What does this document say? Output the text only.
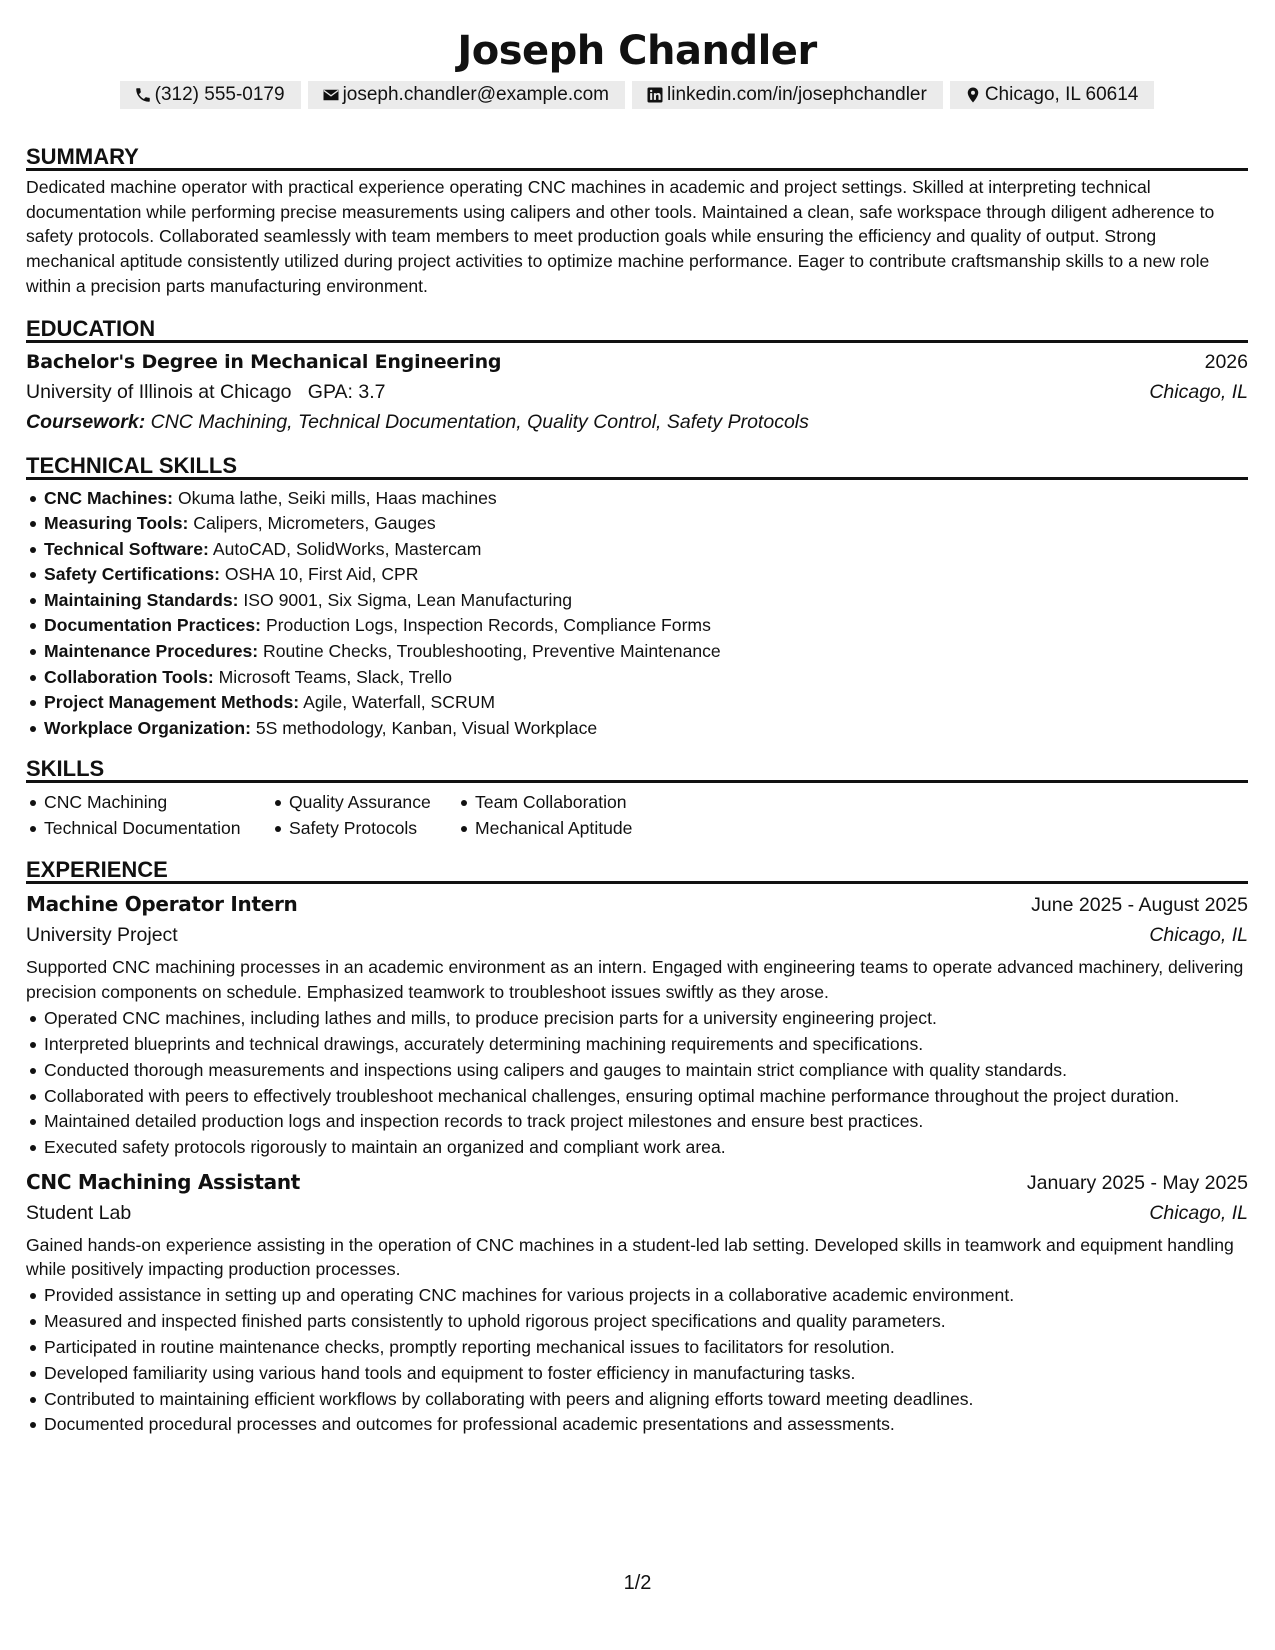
Joseph Chandler
(312) 555-0179	joseph.chandler@example.com	linkedin.com/in/josephchandler	Chicago, IL 60614
SUMMARY
Dedicated machine operator with practical experience operating CNC machines in academic and project settings. Skilled at interpreting technical documentation while performing precise measurements using calipers and other tools. Maintained a clean, safe workspace through diligent adherence to safety protocols. Collaborated seamlessly with team members to meet production goals while ensuring the efficiency and quality of output. Strong mechanical aptitude consistently utilized during project activities to optimize machine performance. Eager to contribute craftsmanship skills to a new role within a precision parts manufacturing environment.
EDUCATION
Bachelor's Degree in Mechanical Engineering	2026
University of Illinois at Chicago GPA: 3.7	Chicago, IL
Coursework: CNC Machining, Technical Documentation, Quality Control, Safety Protocols
TECHNICAL SKILLS
CNC Machines: Okuma lathe, Seiki mills, Haas machines
Measuring Tools: Calipers, Micrometers, Gauges
Technical Software: AutoCAD, SolidWorks, Mastercam
Safety Certifications: OSHA 10, First Aid, CPR
Maintaining Standards: ISO 9001, Six Sigma, Lean Manufacturing
Documentation Practices: Production Logs, Inspection Records, Compliance Forms
Maintenance Procedures: Routine Checks, Troubleshooting, Preventive Maintenance
Collaboration Tools: Microsoft Teams, Slack, Trello
Project Management Methods: Agile, Waterfall, SCRUM
Workplace Organization: 5S methodology, Kanban, Visual Workplace
SKILLS
CNC Machining
Technical Documentation
Quality Assurance
Safety Protocols
Team Collaboration
Mechanical Aptitude
EXPERIENCE
Machine Operator Intern	June 2025 - August 2025
University Project	Chicago, IL
Supported CNC machining processes in an academic environment as an intern. Engaged with engineering teams to operate advanced machinery, delivering precision components on schedule. Emphasized teamwork to troubleshoot issues swiftly as they arose.
Operated CNC machines, including lathes and mills, to produce precision parts for a university engineering project.
Interpreted blueprints and technical drawings, accurately determining machining requirements and specifications.
Conducted thorough measurements and inspections using calipers and gauges to maintain strict compliance with quality standards.
Collaborated with peers to effectively troubleshoot mechanical challenges, ensuring optimal machine performance throughout the project duration.
Maintained detailed production logs and inspection records to track project milestones and ensure best practices.
Executed safety protocols rigorously to maintain an organized and compliant work area.
CNC Machining Assistant	January 2025 - May 2025
Student Lab	Chicago, IL
Gained hands-on experience assisting in the operation of CNC machines in a student-led lab setting. Developed skills in teamwork and equipment handling while positively impacting production processes.
Provided assistance in setting up and operating CNC machines for various projects in a collaborative academic environment.
Measured and inspected finished parts consistently to uphold rigorous project specifications and quality parameters.
Participated in routine maintenance checks, promptly reporting mechanical issues to facilitators for resolution.
Developed familiarity using various hand tools and equipment to foster efficiency in manufacturing tasks.
Contributed to maintaining efficient workflows by collaborating with peers and aligning efforts toward meeting deadlines.
Documented procedural processes and outcomes for professional academic presentations and assessments.
1/2
